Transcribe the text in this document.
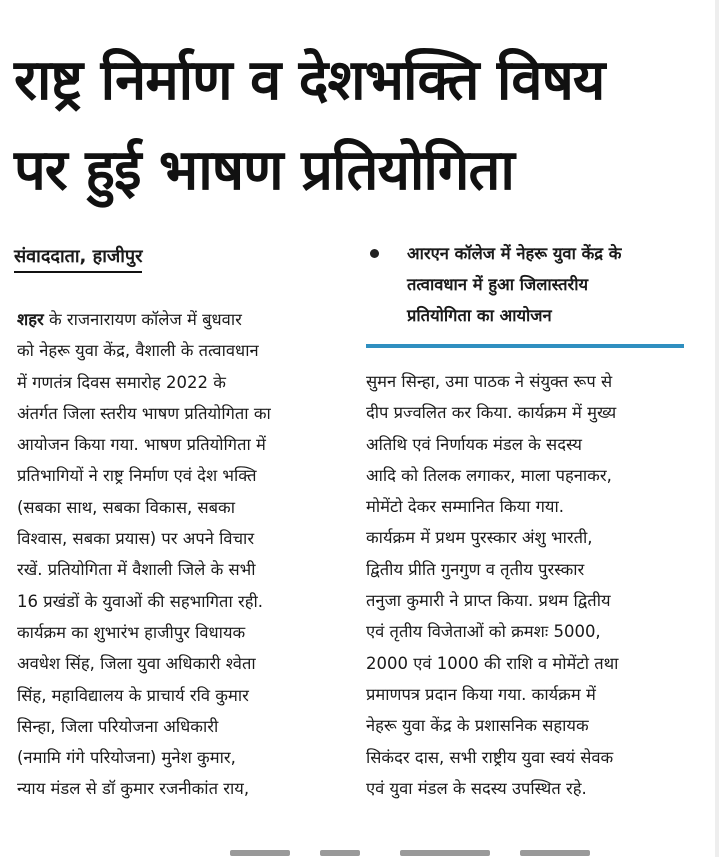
राष्ट्र निर्माण व देशभक्ति विषय
पर हुई भाषण प्रतियोगिता
संवाददाता, हाजीपुर	आरएन कॉलेज में नेहरू युवा केंद्र के
तत्वावधान में हुआ जिलास्तरीय
प्रतियोगिता का आयोजन
शहर के राजनारायण कॉलेज में बुधवार
को नेहरू युवा केंद्र, वैशाली के तत्वावधान
में गणतंत्र दिवस समारोह 2022 के
अंतर्गत जिला स्तरीय भाषण प्रतियोगिता का
आयोजन किया गया. भाषण प्रतियोगिता में
प्रतिभागियों ने राष्ट्र निर्माण एवं देश भक्ति
(सबका साथ, सबका विकास, सबका
विश्वास, सबका प्रयास) पर अपने विचार
रखें. प्रतियोगिता में वैशाली जिले के सभी
16 प्रखंडों के युवाओं की सहभागिता रही.
कार्यक्रम का शुभारंभ हाजीपुर विधायक
अवधेश सिंह, जिला युवा अधिकारी श्वेता
सिंह, महाविद्यालय के प्राचार्य रवि कुमार
सिन्हा, जिला परियोजना अधिकारी
(नमामि गंगे परियोजना) मुनेश कुमार,
न्याय मंडल से डॉ कुमार रजनीकांत राय,
सुमन सिन्हा, उमा पाठक ने संयुक्त रूप से
दीप प्रज्वलित कर किया. कार्यक्रम में मुख्य
अतिथि एवं निर्णायक मंडल के सदस्य
आदि को तिलक लगाकर, माला पहनाकर,
मोमेंटो देकर सम्मानित किया गया.
कार्यक्रम में प्रथम पुरस्कार अंशु भारती,
द्वितीय प्रीति गुनगुण व तृतीय पुरस्कार
तनुजा कुमारी ने प्राप्त किया. प्रथम द्वितीय
एवं तृतीय विजेताओं को क्रमशः 5000,
2000 एवं 1000 की राशि व मोमेंटो तथा
प्रमाणपत्र प्रदान किया गया. कार्यक्रम में
नेहरू युवा केंद्र के प्रशासनिक सहायक
सिकंदर दास, सभी राष्ट्रीय युवा स्वयं सेवक
एवं युवा मंडल के सदस्य उपस्थित रहे.
